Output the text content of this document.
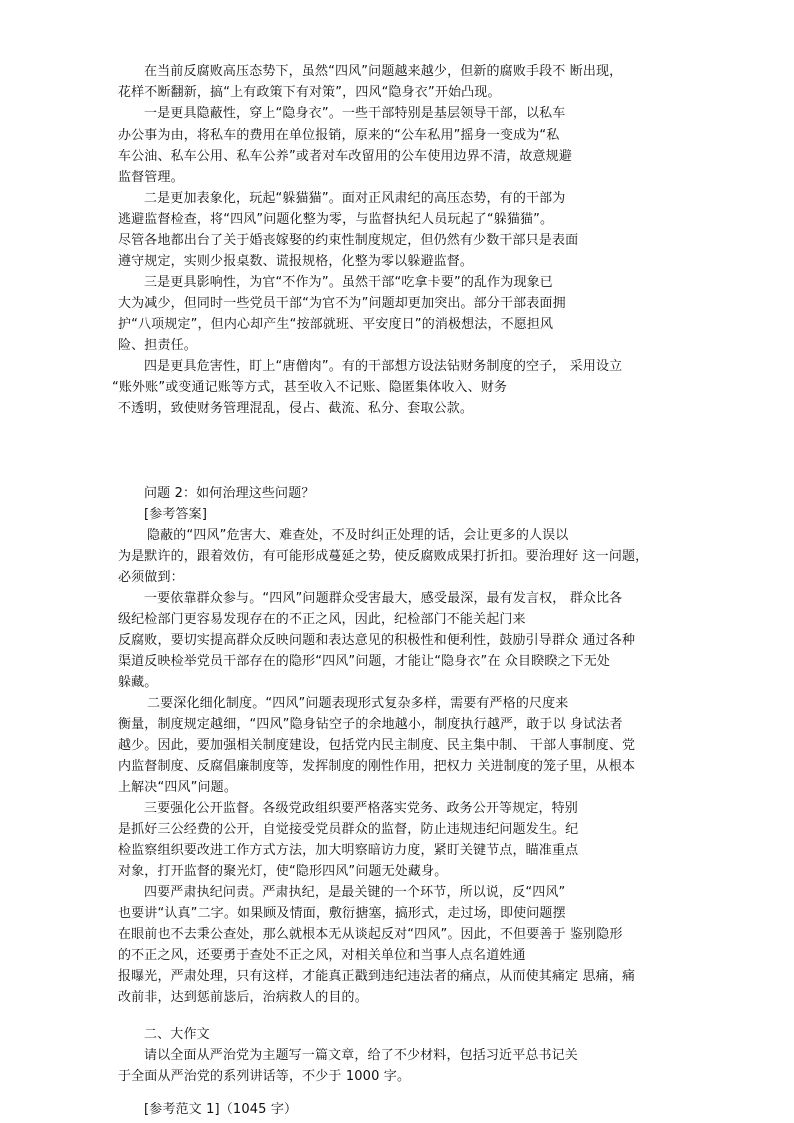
在当前反腐败高压态势下，虽然“四风”问题越来越少，但新的腐败手段不 断出现，
花样不断翻新，搞“上有政策下有对策”，四风“隐身衣”开始凸现。
一是更具隐蔽性，穿上“隐身衣”。一些干部特别是基层领导干部，以私车
办公事为由，将私车的费用在单位报销，原来的“公车私用”摇身一变成为“私
车公油、私车公用、私车公养”或者对车改留用的公车使用边界不清，故意规避
监督管理。
二是更加表象化，玩起“躲猫猫”。面对正风肃纪的高压态势，有的干部为
逃避监督检查，将“四风”问题化整为零，与监督执纪人员玩起了“躲猫猫”。
尽管各地都出台了关于婚丧嫁娶的约束性制度规定，但仍然有少数干部只是表面
遵守规定，实则少报桌数、谎报规格，化整为零以躲避监督。
三是更具影响性，为官“不作为”。虽然干部“吃拿卡要”的乱作为现象已
大为减少，但同时一些党员干部“为官不为”问题却更加突出。部分干部表面拥
护“八项规定”，但内心却产生“按部就班、平安度日”的消极想法，不愿担风
险、担责任。
四是更具危害性，盯上“唐僧肉”。有的干部想方设法钻财务制度的空子， 采用设立
“账外账”或变通记账等方式，甚至收入不记账、隐匿集体收入、财务
不透明，致使财务管理混乱，侵占、截流、私分、套取公款。
问题 2：如何治理这些问题？
[参考答案]
隐蔽的“四风”危害大、难查处，不及时纠正处理的话，会让更多的人误以
为是默许的，跟着效仿，有可能形成蔓延之势，使反腐败成果打折扣。要治理好 这一问题，
必须做到：
一要依靠群众参与。“四风”问题群众受害最大，感受最深，最有发言权， 群众比各
级纪检部门更容易发现存在的不正之风，因此，纪检部门不能关起门来
反腐败，要切实提高群众反映问题和表达意见的积极性和便利性，鼓励引导群众 通过各种
渠道反映检举党员干部存在的隐形“四风”问题，才能让“隐身衣”在 众目睽睽之下无处
躲藏。
二要深化细化制度。“四风”问题表现形式复杂多样，需要有严格的尺度来
衡量，制度规定越细，“四风”隐身钻空子的余地越小，制度执行越严，敢于以 身试法者
越少。因此，要加强相关制度建设，包括党内民主制度、民主集中制、 干部人事制度、党
内监督制度、反腐倡廉制度等，发挥制度的刚性作用，把权力 关进制度的笼子里，从根本
上解决“四风”问题。
三要强化公开监督。各级党政组织要严格落实党务、政务公开等规定，特别
是抓好三公经费的公开，自觉接受党员群众的监督，防止违规违纪问题发生。纪
检监察组织要改进工作方式方法，加大明察暗访力度，紧盯关键节点，瞄准重点
对象，打开监督的聚光灯，使“隐形四风”问题无处藏身。
四要严肃执纪问责。严肃执纪，是最关键的一个环节，所以说，反“四风”
也要讲“认真”二字。如果顾及情面，敷衍搪塞，搞形式，走过场，即使问题摆
在眼前也不去秉公查处，那么就根本无从谈起反对“四风”。因此，不但要善于 鉴别隐形
的不正之风，还要勇于查处不正之风，对相关单位和当事人点名道姓通
报曝光，严肃处理，只有这样，才能真正戳到违纪违法者的痛点，从而使其痛定 思痛，痛
改前非，达到惩前毖后，治病救人的目的。
二、大作文
请以全面从严治党为主题写一篇文章，给了不少材料，包括习近平总书记关
于全面从严治党的系列讲话等，不少于 1000 字。
[参考范文 1]（1045 字）
